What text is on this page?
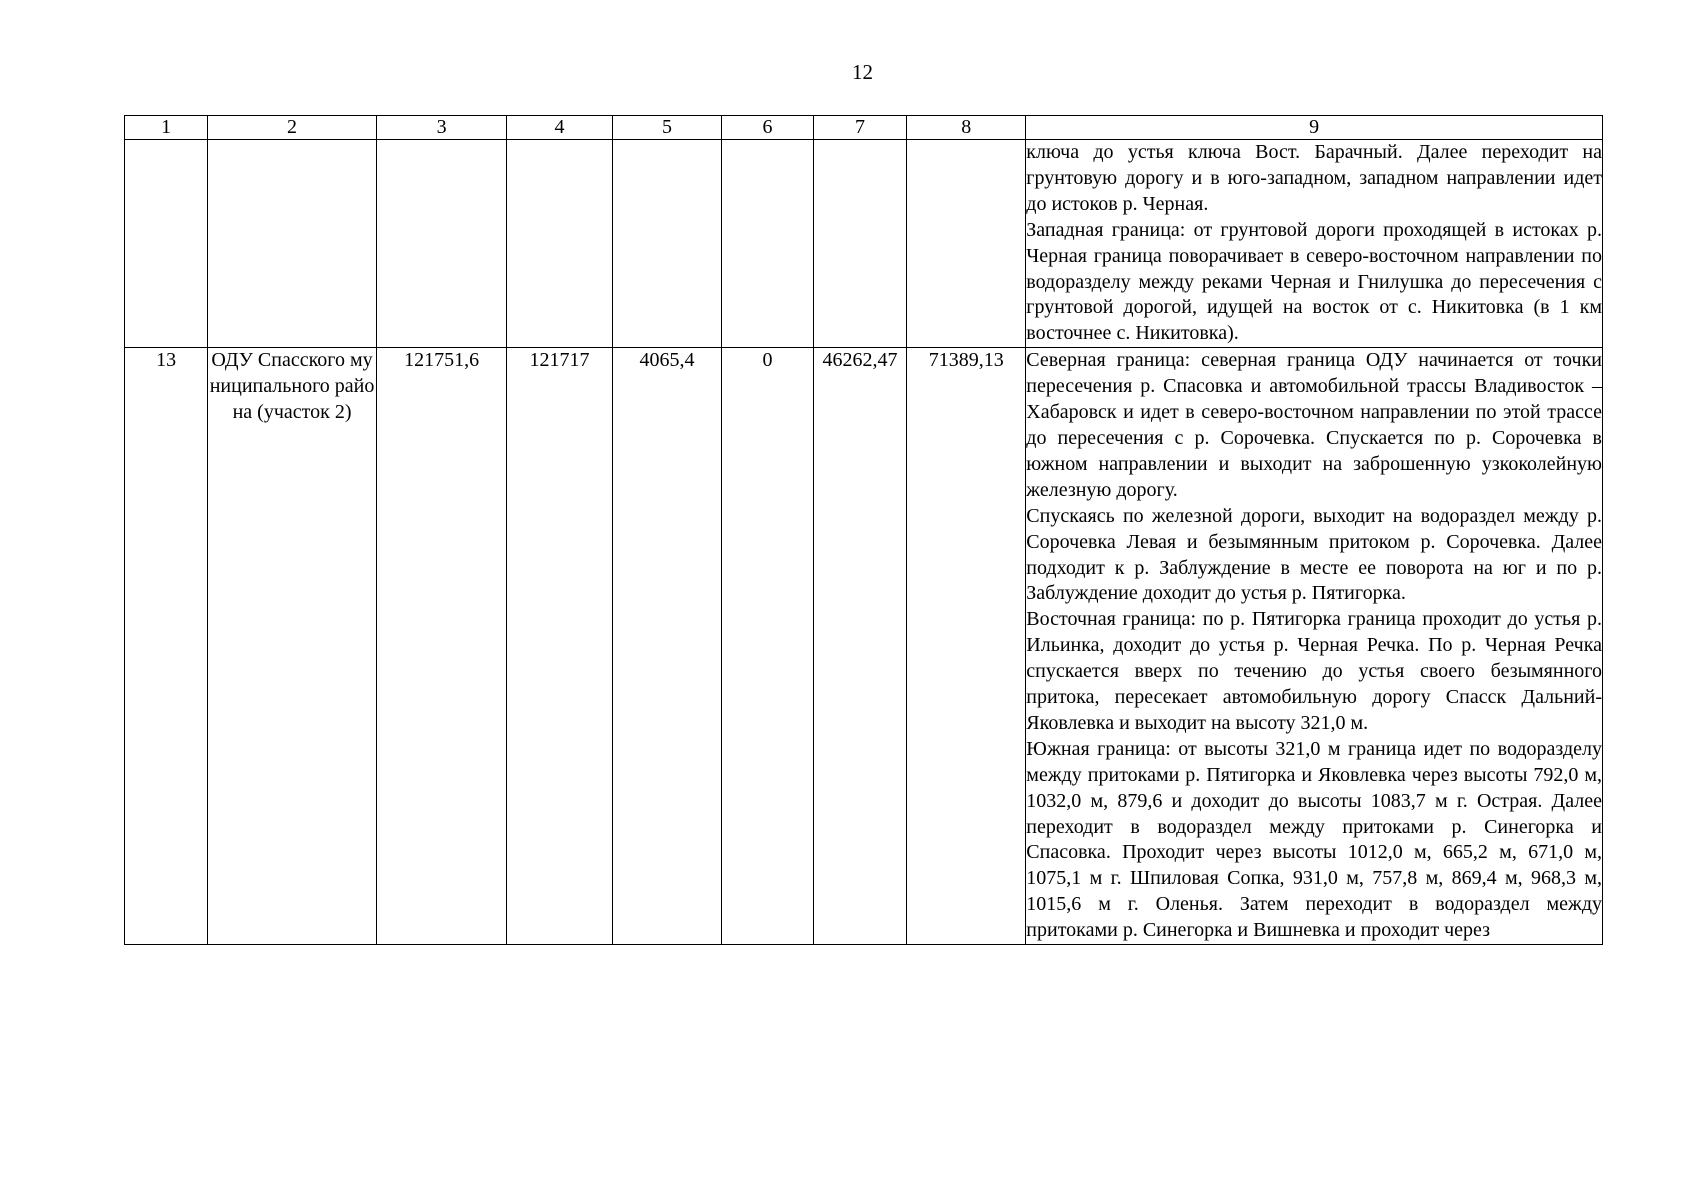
12
1	2	3	4	5	6	7	8	9

								ключа до устья ключа Вост. Барачный. Далее переходит на грунтовую дорогу и в юго-западном, западном направлении идет до истоков р. Черная.

Западная граница: от грунтовой дороги проходящей в истоках р. Черная граница поворачивает в северо-восточном направлении по водоразделу между реками Черная и Гнилушка до пересечения с грунтовой дорогой, идущей на восток от с. Никитовка (в 1 км восточнее с. Никитовка).

13	ОДУ Спасского муниципального района (участок 2)	121751,6	121717	4065,4	0	46262,47	71389,13	Северная граница: северная граница ОДУ начинается от точки пересечения р. Спасовка и автомобильной трассы Владивосток – Хабаровск и идет в северо-восточном направлении по этой трассе до пересечения с р. Сорочевка. Спускается по р. Сорочевка в южном направлении и выходит на заброшенную узкоколейную железную дорогу.

Спускаясь по железной дороги, выходит на водораздел между р. Сорочевка Левая и безымянным притоком р. Сорочевка. Далее подходит к р. Заблуждение в месте ее поворота на юг и по р. Заблуждение доходит до устья р. Пятигорка.

Восточная граница: по р. Пятигорка граница проходит до устья р. Ильинка, доходит до устья р. Черная Речка. По р. Черная Речка спускается вверх по течению до устья своего безымянного притока, пересекает автомобильную дорогу Спасск Дальний-Яковлевка и выходит на высоту 321,0 м.

Южная граница: от высоты 321,0 м граница идет по водоразделу между притоками р. Пятигорка и Яковлевка через высоты 792,0 м, 1032,0 м, 879,6 и доходит до высоты 1083,7 м г. Острая. Далее переходит в водораздел между притоками р. Синегорка и Спасовка. Проходит через высоты 1012,0 м, 665,2 м, 671,0 м, 1075,1 м г. Шпиловая Сопка, 931,0 м, 757,8 м, 869,4 м, 968,3 м, 1015,6 м г. Оленья. Затем переходит в водораздел между притоками р. Синегорка и Вишневка и проходит через
